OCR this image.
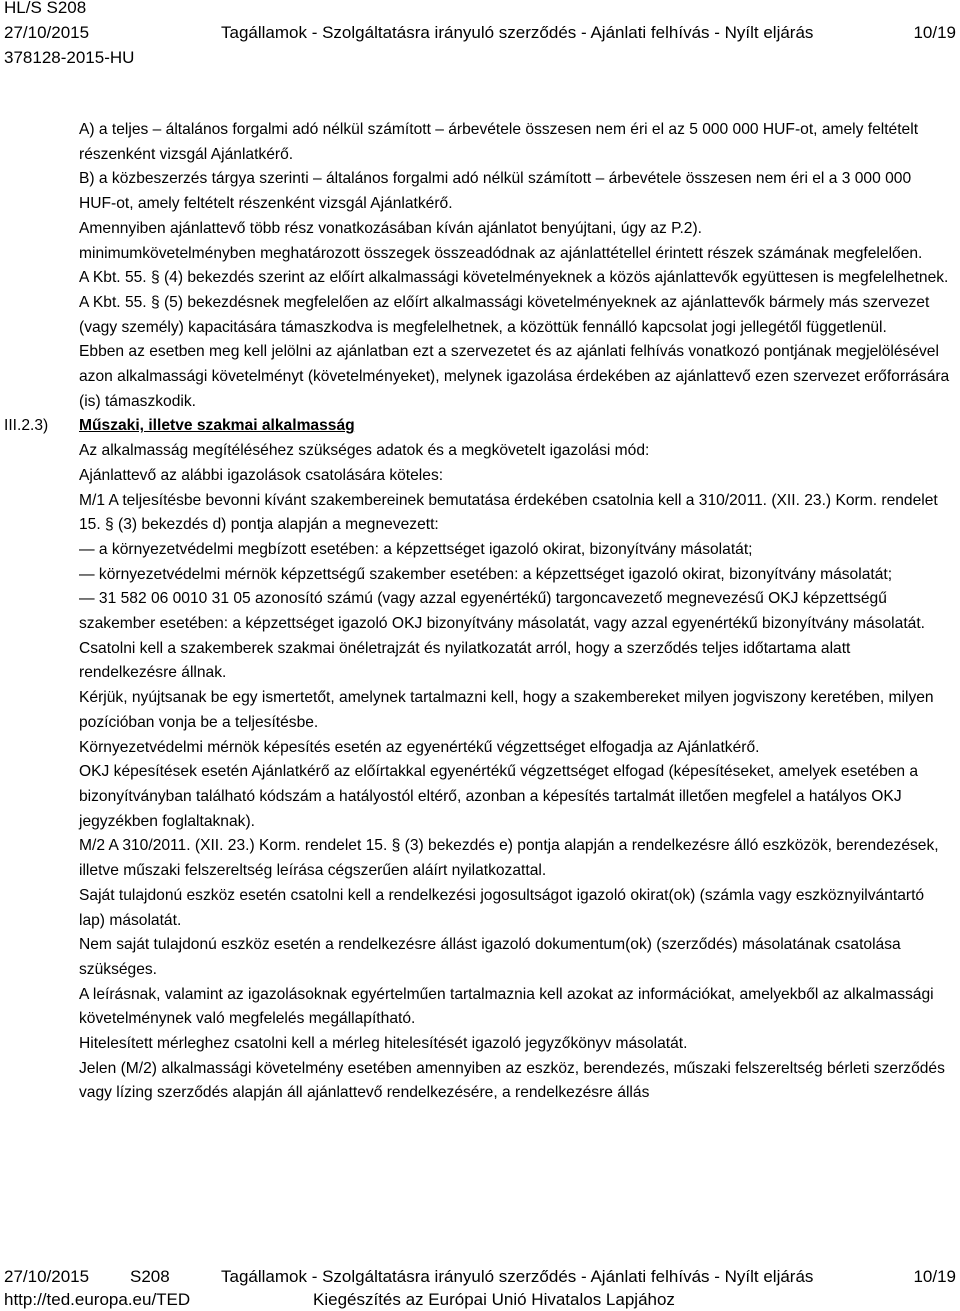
HL/S S208
27/10/2015	Tagállamok - Szolgáltatásra irányuló szerződés - Ajánlati felhívás - Nyílt eljárás	10/19
378128-2015-HU

A) a teljes – általános forgalmi adó nélkül számított – árbevétele összesen nem éri el az 5 000 000 HUF-ot, amely feltételt részenként vizsgál Ajánlatkérő.

B) a közbeszerzés tárgya szerinti – általános forgalmi adó nélkül számított – árbevétele összesen nem éri el a 3 000 000 HUF-ot, amely feltételt részenként vizsgál Ajánlatkérő.

Amennyiben ajánlattevő több rész vonatkozásában kíván ajánlatot benyújtani, úgy az P.2).

minimumkövetelményben meghatározott összegek összeadódnak az ajánlattétellel érintett részek számának megfelelően.

A Kbt. 55. § (4) bekezdés szerint az előírt alkalmassági követelményeknek a közös ajánlattevők együttesen is megfelelhetnek.

A Kbt. 55. § (5) bekezdésnek megfelelően az előírt alkalmassági követelményeknek az ajánlattevők bármely más szervezet (vagy személy) kapacitására támaszkodva is megfelelhetnek, a közöttük fennálló kapcsolat jogi jellegétől függetlenül.

Ebben az esetben meg kell jelölni az ajánlatban ezt a szervezetet és az ajánlati felhívás vonatkozó pontjának megjelölésével azon alkalmassági követelményt (követelményeket), melynek igazolása érdekében az ajánlattevő ezen szervezet erőforrására (is) támaszkodik.

III.2.3) Műszaki, illetve szakmai alkalmasság

Az alkalmasság megítéléséhez szükséges adatok és a megkövetelt igazolási mód:

Ajánlattevő az alábbi igazolások csatolására köteles:

M/1 A teljesítésbe bevonni kívánt szakembereinek bemutatása érdekében csatolnia kell a 310/2011. (XII. 23.) Korm. rendelet 15. § (3) bekezdés d) pontja alapján a megnevezett:

— a környezetvédelmi megbízott esetében: a képzettséget igazoló okirat, bizonyítvány másolatát;

— környezetvédelmi mérnök képzettségű szakember esetében: a képzettséget igazoló okirat, bizonyítvány másolatát;

— 31 582 06 0010 31 05 azonosító számú (vagy azzal egyenértékű) targoncavezető megnevezésű OKJ képzettségű szakember esetében: a képzettséget igazoló OKJ bizonyítvány másolatát, vagy azzal egyenértékű bizonyítvány másolatát.

Csatolni kell a szakemberek szakmai önéletrajzát és nyilatkozatát arról, hogy a szerződés teljes időtartama alatt rendelkezésre állnak.

Kérjük, nyújtsanak be egy ismertetőt, amelynek tartalmazni kell, hogy a szakembereket milyen jogviszony keretében, milyen pozícióban vonja be a teljesítésbe.

Környezetvédelmi mérnök képesítés esetén az egyenértékű végzettséget elfogadja az Ajánlatkérő.

OKJ képesítések esetén Ajánlatkérő az előírtakkal egyenértékű végzettséget elfogad (képesítéseket, amelyek esetében a bizonyítványban található kódszám a hatályostól eltérő, azonban a képesítés tartalmát illetően megfelel a hatályos OKJ jegyzékben foglaltaknak).

M/2 A 310/2011. (XII. 23.) Korm. rendelet 15. § (3) bekezdés e) pontja alapján a rendelkezésre álló eszközök, berendezések, illetve műszaki felszereltség leírása cégszerűen aláírt nyilatkozattal.

Saját tulajdonú eszköz esetén csatolni kell a rendelkezési jogosultságot igazoló okirat(ok) (számla vagy eszköznyilvántartó lap) másolatát.

Nem saját tulajdonú eszköz esetén a rendelkezésre állást igazoló dokumentum(ok) (szerződés) másolatának csatolása szükséges.

A leírásnak, valamint az igazolásoknak egyértelműen tartalmaznia kell azokat az információkat, amelyekből az alkalmassági követelménynek való megfelelés megállapítható.

Hitelesített mérleghez csatolni kell a mérleg hitelesítését igazoló jegyzőkönyv másolatát.

Jelen (M/2) alkalmassági követelmény esetében amennyiben az eszköz, berendezés, műszaki felszereltség bérleti szerződés vagy lízing szerződés alapján áll ajánlattevő rendelkezésére, a rendelkezésre állás

27/10/2015 S208	Tagállamok - Szolgáltatásra irányuló szerződés - Ajánlati felhívás - Nyílt eljárás	10/19
http://ted.europa.eu/TED	Kiegészítés az Európai Unió Hivatalos Lapjához
